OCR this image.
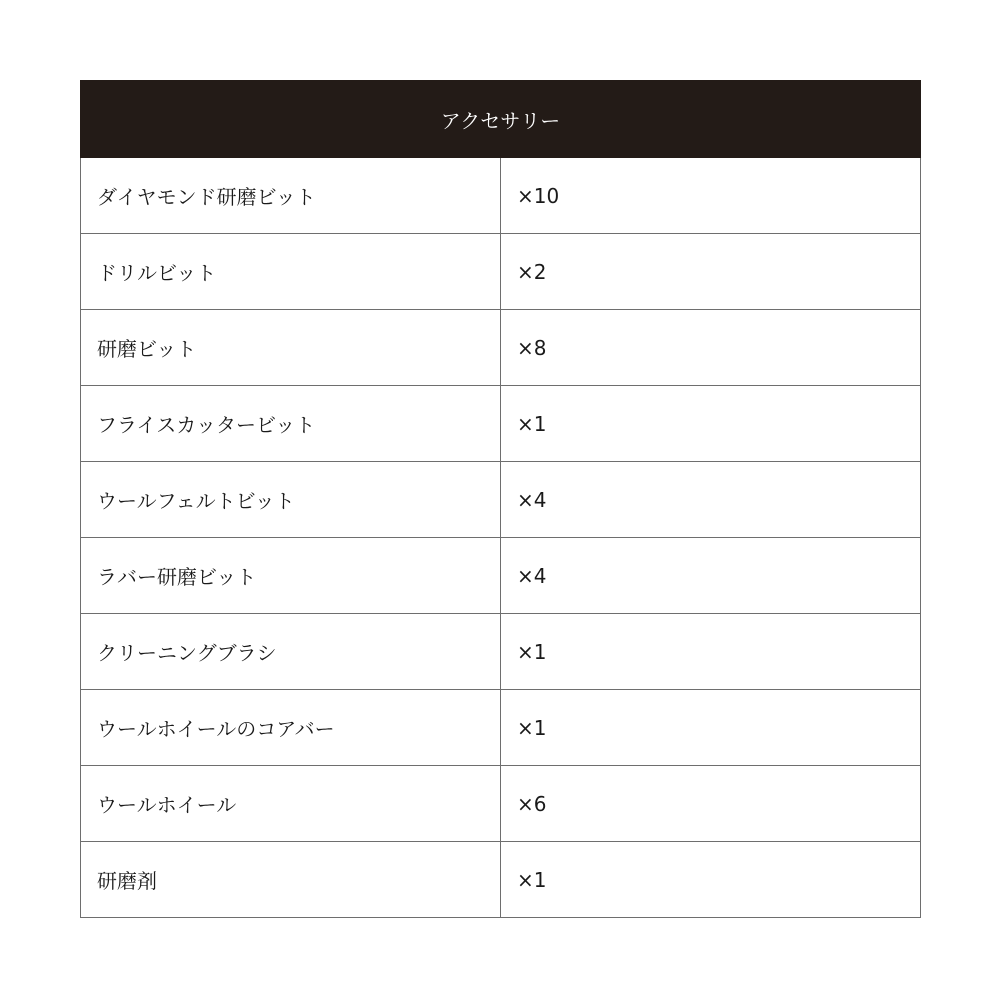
アクセサリー	
ダイヤモンド研磨ビット	×10
ドリルビット	×2
研磨ビット	×8
フライスカッタービット	×1
ウールフェルトビット	×4
ラバー研磨ビット	×4
クリーニングブラシ	×1
ウールホイールのコアバー	×1
ウールホイール	×6
研磨剤	×1
